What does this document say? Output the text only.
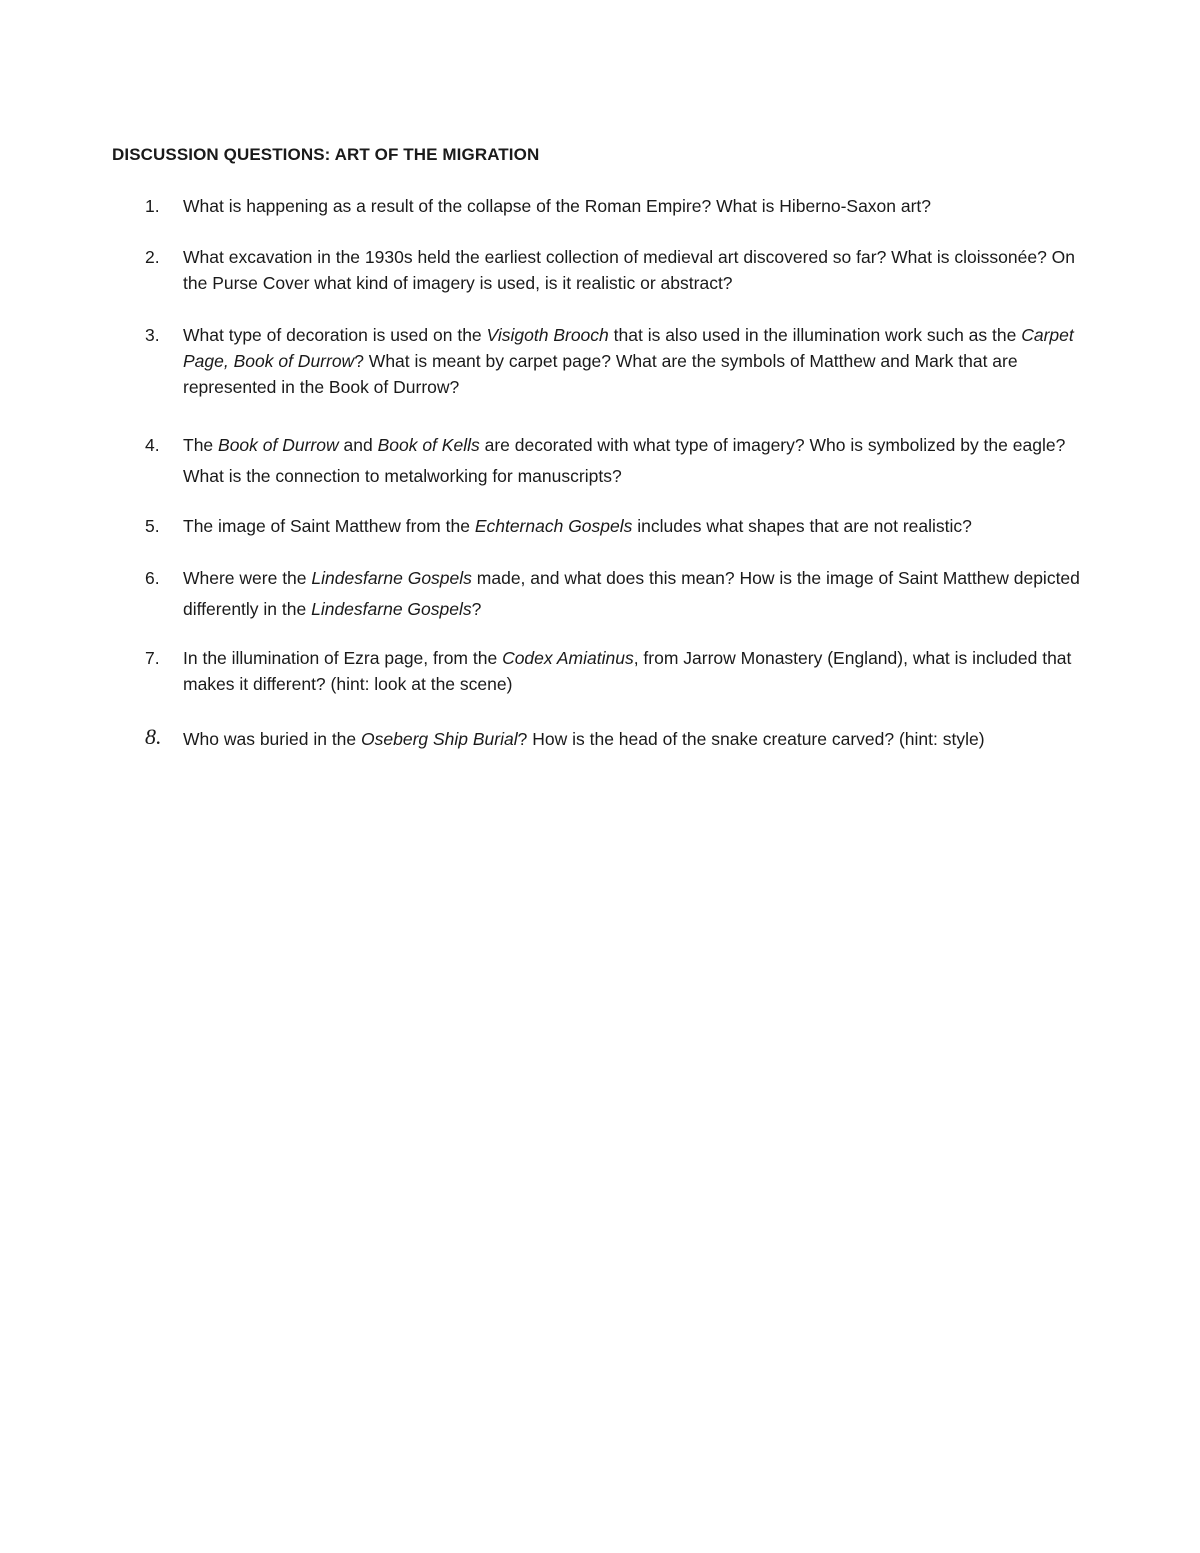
DISCUSSION QUESTIONS: ART OF THE MIGRATION
1.	What is happening as a result of the collapse of the Roman Empire? What is Hiberno-Saxon art?
2.	What excavation in the 1930s held the earliest collection of medieval art discovered so far? What is cloissonée? On the Purse Cover what kind of imagery is used, is it realistic or abstract?
3.	What type of decoration is used on the Visigoth Brooch that is also used in the illumination work such as the Carpet Page, Book of Durrow? What is meant by carpet page? What are the symbols of Matthew and Mark that are represented in the Book of Durrow?
4.	The Book of Durrow and Book of Kells are decorated with what type of imagery? Who is symbolized by the eagle? What is the connection to metalworking for manuscripts?
5.	The image of Saint Matthew from the Echternach Gospels includes what shapes that are not realistic?
6.	Where were the Lindesfarne Gospels made, and what does this mean? How is the image of Saint Matthew depicted differently in the Lindesfarne Gospels?
7.	In the illumination of Ezra page, from the Codex Amiatinus, from Jarrow Monastery (England), what is included that makes it different? (hint: look at the scene)
8.	Who was buried in the Oseberg Ship Burial? How is the head of the snake creature carved? (hint: style)
